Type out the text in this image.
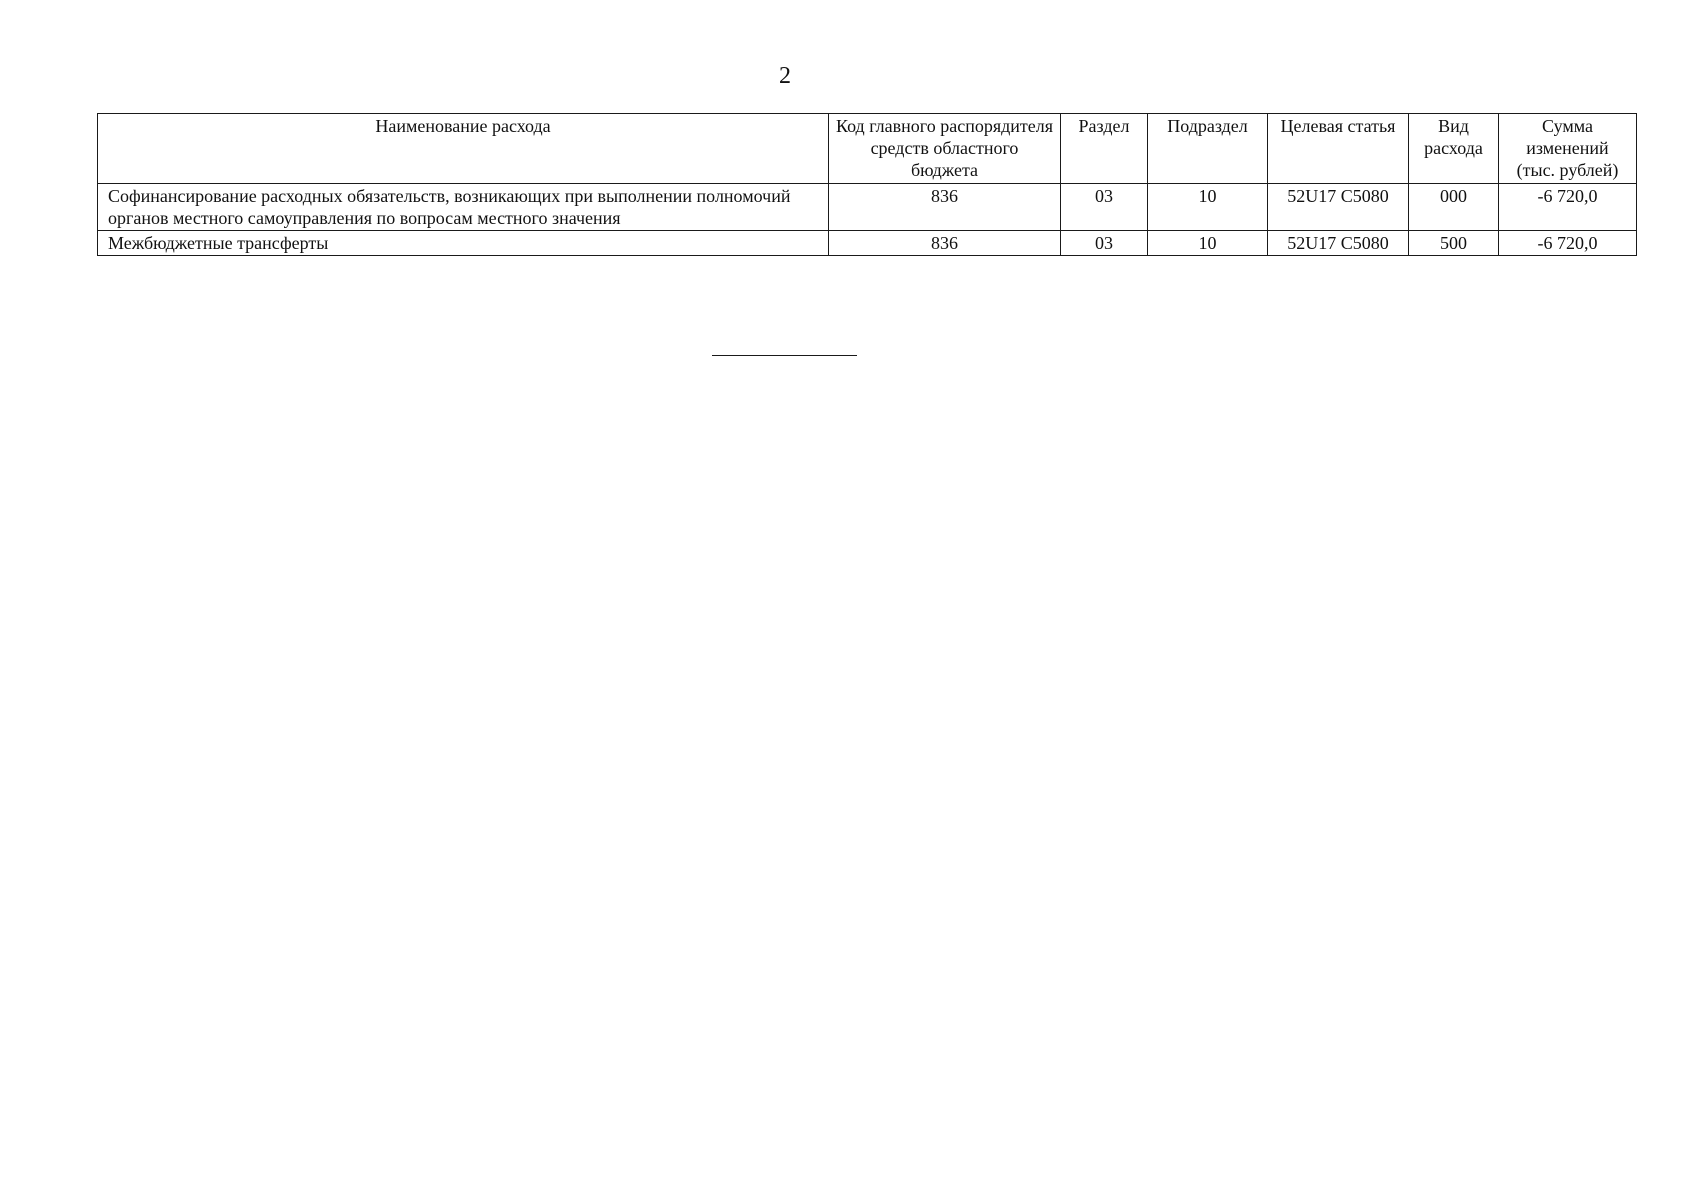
2
Наименование расхода	Код главного распорядителя средств областного бюджета	Раздел	Подраздел	Целевая статья	Вид расхода	Сумма изменений (тыс. рублей)
Софинансирование расходных обязательств, возникающих при выполнении полномочий органов местного самоуправления по вопросам местного значения	836	03	10	52U17 С5080	000	-6 720,0
Межбюджетные трансферты	836	03	10	52U17 С5080	500	-6 720,0
